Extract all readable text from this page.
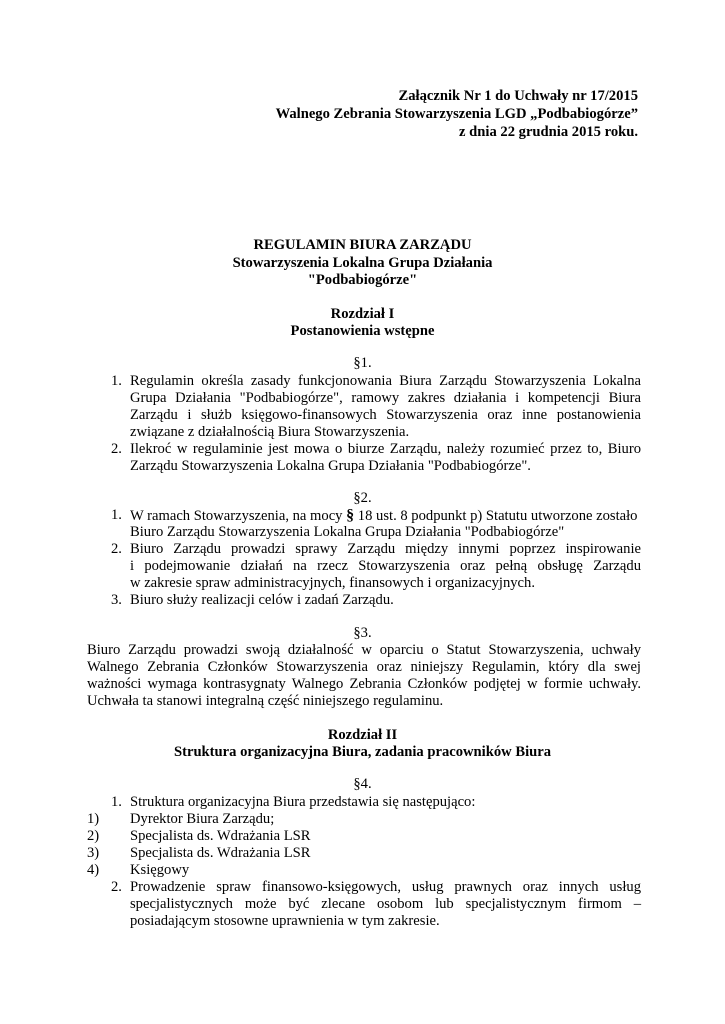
Załącznik Nr 1 do Uchwały nr 17/2015
Walnego Zebrania Stowarzyszenia LGD „Podbabiogórze”
z dnia 22 grudnia 2015 roku.
REGULAMIN BIURA ZARZĄDU
Stowarzyszenia Lokalna Grupa Działania
"Podbabiogórze"
Rozdział I
Postanowienia wstępne
§1.
1. Regulamin określa zasady funkcjonowania Biura Zarządu Stowarzyszenia Lokalna
Grupa Działania "Podbabiogórze", ramowy zakres działania i kompetencji Biura
Zarządu i służb księgowo-finansowych Stowarzyszenia oraz inne postanowienia
związane z działalnością Biura Stowarzyszenia.
2. Ilekroć w regulaminie jest mowa o biurze Zarządu, należy rozumieć przez to, Biuro
Zarządu Stowarzyszenia Lokalna Grupa Działania "Podbabiogórze".
§2.
1. W ramach Stowarzyszenia, na mocy § 18 ust. 8 podpunkt p) Statutu utworzone zostało
Biuro Zarządu Stowarzyszenia Lokalna Grupa Działania "Podbabiogórze"
2. Biuro Zarządu prowadzi sprawy Zarządu między innymi poprzez inspirowanie
i podejmowanie działań na rzecz Stowarzyszenia oraz pełną obsługę Zarządu
w zakresie spraw administracyjnych, finansowych i organizacyjnych.
3. Biuro służy realizacji celów i zadań Zarządu.
§3.
Biuro Zarządu prowadzi swoją działalność w oparciu o Statut Stowarzyszenia, uchwały
Walnego Zebrania Członków Stowarzyszenia oraz niniejszy Regulamin, który dla swej
ważności wymaga kontrasygnaty Walnego Zebrania Członków podjętej w formie uchwały.
Uchwała ta stanowi integralną część niniejszego regulaminu.
Rozdział II
Struktura organizacyjna Biura, zadania pracowników Biura
§4.
1. Struktura organizacyjna Biura przedstawia się następująco:
1) Dyrektor Biura Zarządu;
2) Specjalista ds. Wdrażania LSR
3) Specjalista ds. Wdrażania LSR
4) Księgowy
2. Prowadzenie spraw finansowo-księgowych, usług prawnych oraz innych usług
specjalistycznych może być zlecane osobom lub specjalistycznym firmom –
posiadającym stosowne uprawnienia w tym zakresie.
